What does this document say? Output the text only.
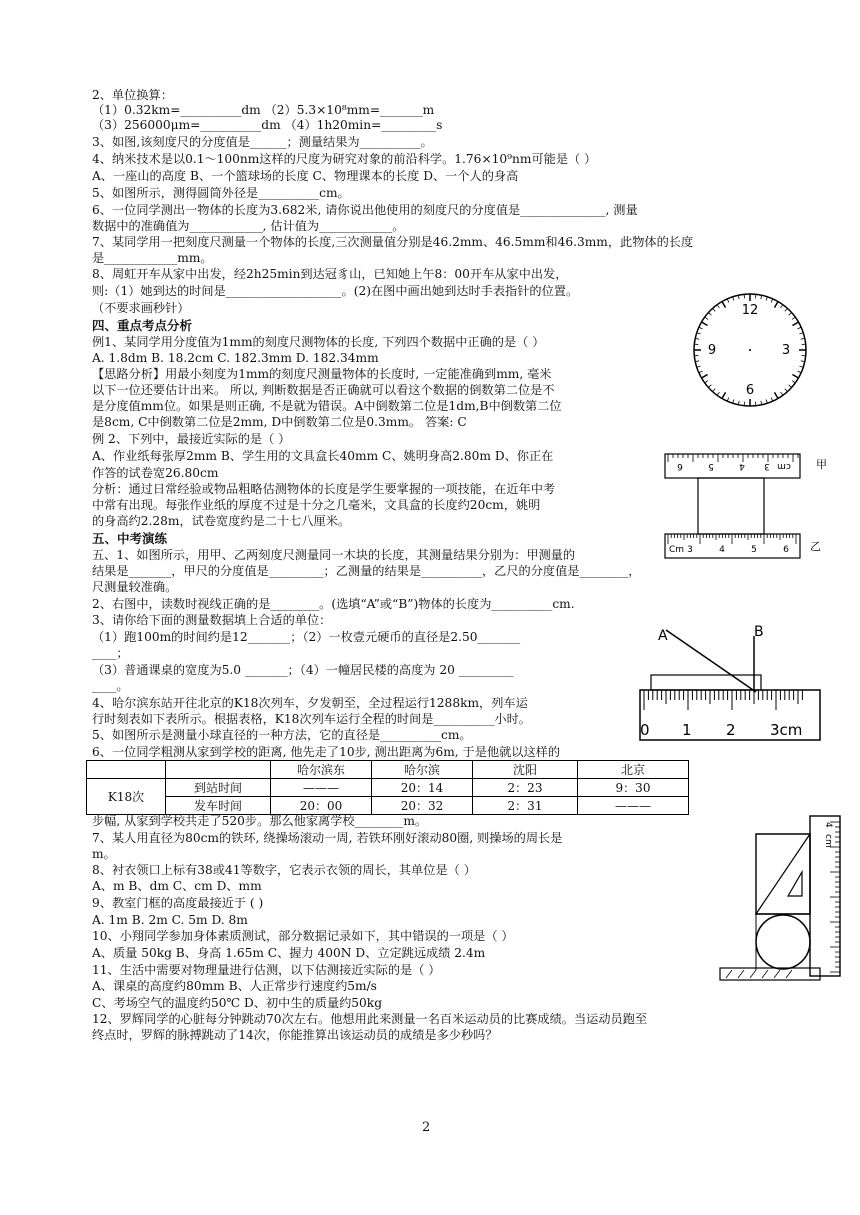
2、单位换算：
（1）0.32km=__________dm （2）5.3×10⁸mm=_______m
（3）256000μm=__________dm （4）1h20min=_________s
3、如图,该刻度尺的分度值是______；测量结果为__________。
4、纳米技术是以0.1～100nm这样的尺度为研究对象的前沿科学。1.76×10⁹nm可能是（ ）
A、一座山的高度 B、一个篮球场的长度 C、物理课本的长度 D、一个人的身高
5、如图所示，测得圆筒外径是__________cm。
6、一位同学测出一物体的长度为3.682米, 请你说出他使用的刻度尺的分度值是______________, 测量
数据中的准确值为____________, 估计值为____________。
7、某同学用一把刻度尺测量一个物体的长度,三次测量值分别是46.2mm、46.5mm和46.3mm，此物体的长度
是____________mm。
8、周虹开车从家中出发，经2h25min到达冠豸山，已知她上午8：00开车从家中出发，
则:（1）她到达的时间是___________________。(2)在图中画出她到达时手表指针的位置。
（不要求画秒针）
四、重点考点分析
例1、某同学用分度值为1mm的刻度尺测物体的长度, 下列四个数据中正确的是（ ）
A. 1.8dm B. 18.2cm C. 182.3mm D. 182.34mm
【思路分析】用最小刻度为1mm的刻度尺测量物体的长度时, 一定能准确到mm, 毫米
以下一位还要估计出来。 所以, 判断数据是否正确就可以看这个数据的倒数第二位是不
是分度值mm位。如果是则正确, 不是就为错误。A中倒数第二位是1dm,B中倒数第二位
是8cm, C中倒数第二位是2mm, D中倒数第二位是0.3mm。 答案: C
例 2、下列中，最接近实际的是（ ）
A、作业纸每张厚2mm B、学生用的文具盒长40mm C、姚明身高2.80m D、你正在
作答的试卷宽26.80cm
分析：通过日常经验或物品粗略估测物体的长度是学生要掌握的一项技能，在近年中考
中常有出现。每张作业纸的厚度不过是十分之几毫米，文具盒的长度约20cm，姚明
的身高约2.28m，试卷宽度约是二十七八厘米。
五、中考演练
五、1、如图所示，用甲、乙两刻度尺测量同一木块的长度，其测量结果分别为：甲测量的
结果是_______，甲尺的分度值是_________；乙测量的结果是__________，乙尺的分度值是________，
尺测量较准确。
2、右图中，读数时视线正确的是________。(选填“A”或“B”)物体的长度为__________cm.
3、请你给下面的测量数据填上合适的单位：
（1）跑100m的时间约是12_______；（2）一枚壹元硬币的直径是2.50_______
____；
（3）普通课桌的宽度为5.0 _______；（4）一幢居民楼的高度为 20 _________
____。
4、哈尔滨东站开往北京的K18次列车，夕发朝至，全过程运行1288km，列车运
行时刻表如下表所示。根据表格，K18次列车运行全程的时间是__________小时。
5、如图所示是测量小球直径的一种方法，它的直径是__________cm。
6、一位同学粗测从家到学校的距离, 他先走了10步, 测出距离为6m, 于是他就以这样的
步幅, 从家到学校共走了520步。那么他家离学校________m。
7、某人用直径为80cm的铁环, 绕操场滚动一周, 若铁环刚好滚动80圈, 则操场的周长是
m。
8、衬衣领口上标有38或41等数字，它表示衣领的周长，其单位是（ ）
A、m B、dm C、cm D、mm
9、教室门框的高度最接近于 ( )
A. 1m B. 2m C. 5m D. 8m
10、小翔同学参加身体素质测试，部分数据记录如下，其中错误的一项是（ ）
A、质量 50kg B、身高 1.65m C、握力 400N D、立定跳远成绩 2.4m
11、生活中需要对物理量进行估测，以下估测接近实际的是（ ）
A、课桌的高度约80mm B、人正常步行速度约5m/s
C、考场空气的温度约50℃ D、初中生的质量约50kg
12、罗辉同学的心脏每分钟跳动70次左右。他想用此来测量一名百米运动员的比赛成绩。当运动员跑至
终点时，罗辉的脉搏跳动了14次，你能推算出该运动员的成绩是多少秒吗？
12
3
6
9
6	5	4 3 cm 甲
Cm 3	4	5	6 乙
A	B
0 1 2 3cm
4
cm
		哈尔滨东	哈尔滨	沈阳	北京
K18次	到站时间	———	20：14	2：23	9：30
	发车时间	20：00	20：32	2：31	———
2
